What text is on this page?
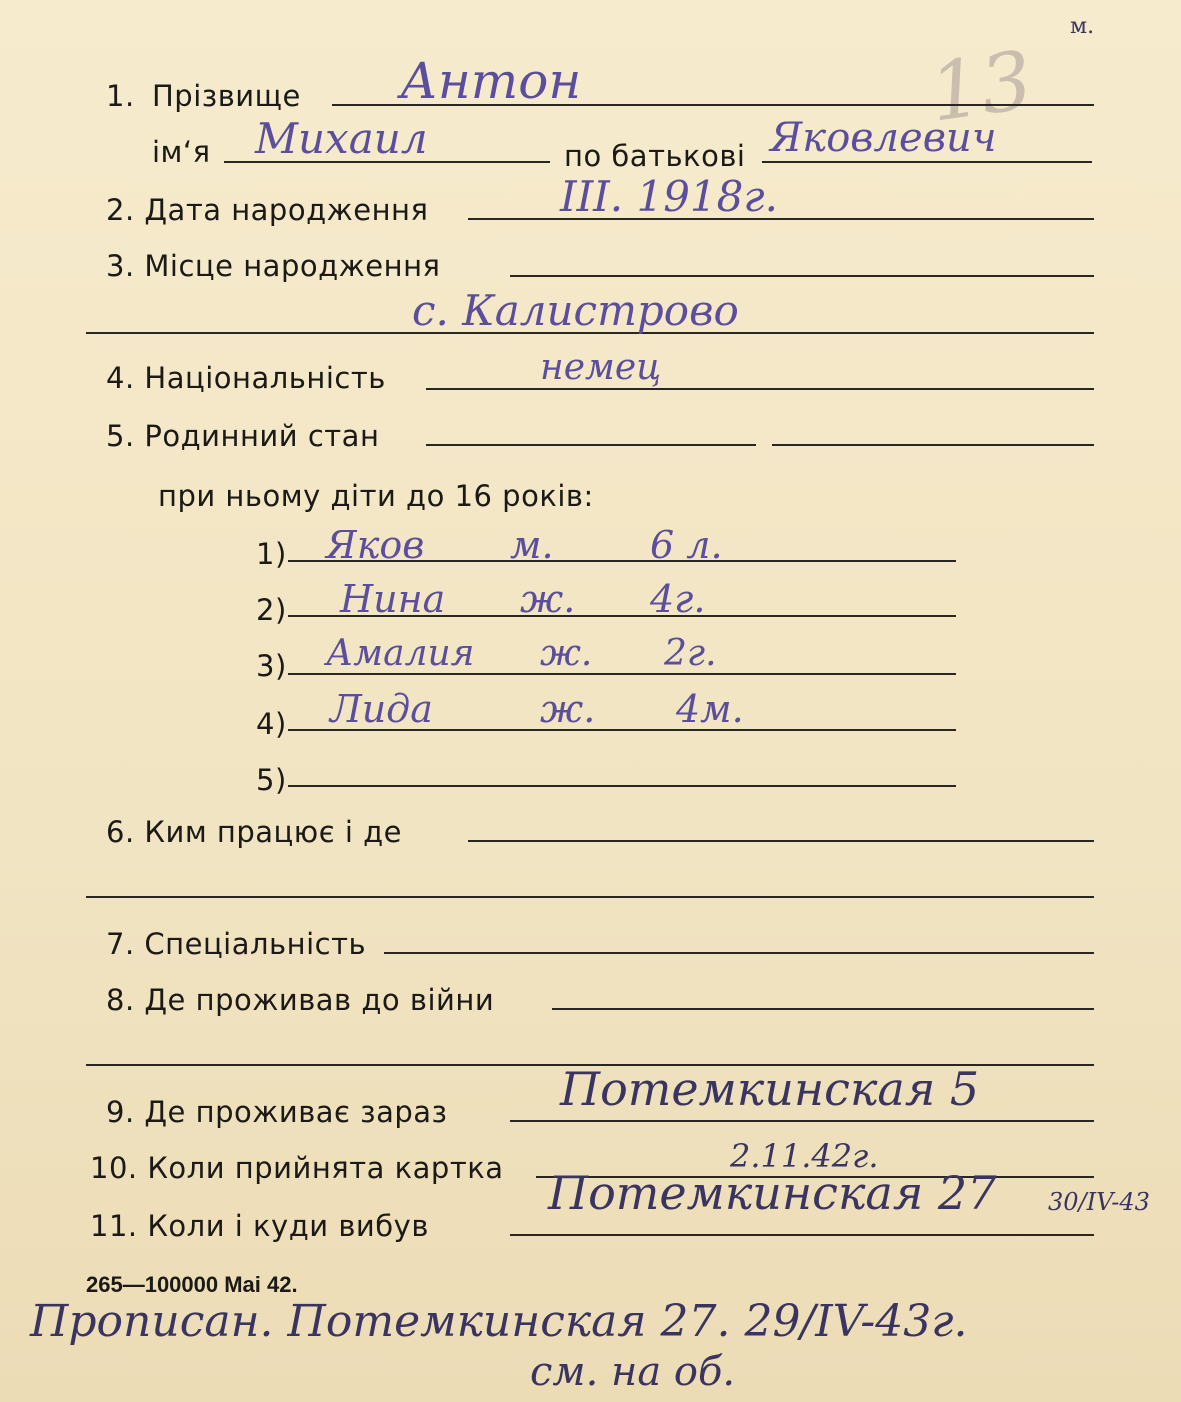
м.
13
1. Прізвище Антон
ім‘я Михаил	по батькові Яковлевич
2. Дата народження	III. 1918г.
3. Місце народження
с. Калистрово
4. Національність	немец
5. Родинний стан
при ньому діти до 16 років:
1) Яков м.	6 л.
2) Нина ж. 4г.
3) Амалия ж. 2г.
4) Лида	ж. 4м.
5)
6. Ким працює і де
7. Спеціальність
8. Де проживав до війни
9. Де проживає зараз Потемкинская 5
10. Коли прийнята картка	2.11.42г.
11. Коли і куди вибув
Потемкинская 27 30/IV-43
265—100000 Mai 42.
Прописан. Потемкинская 27. 29/IV-43г.
см. на об.
